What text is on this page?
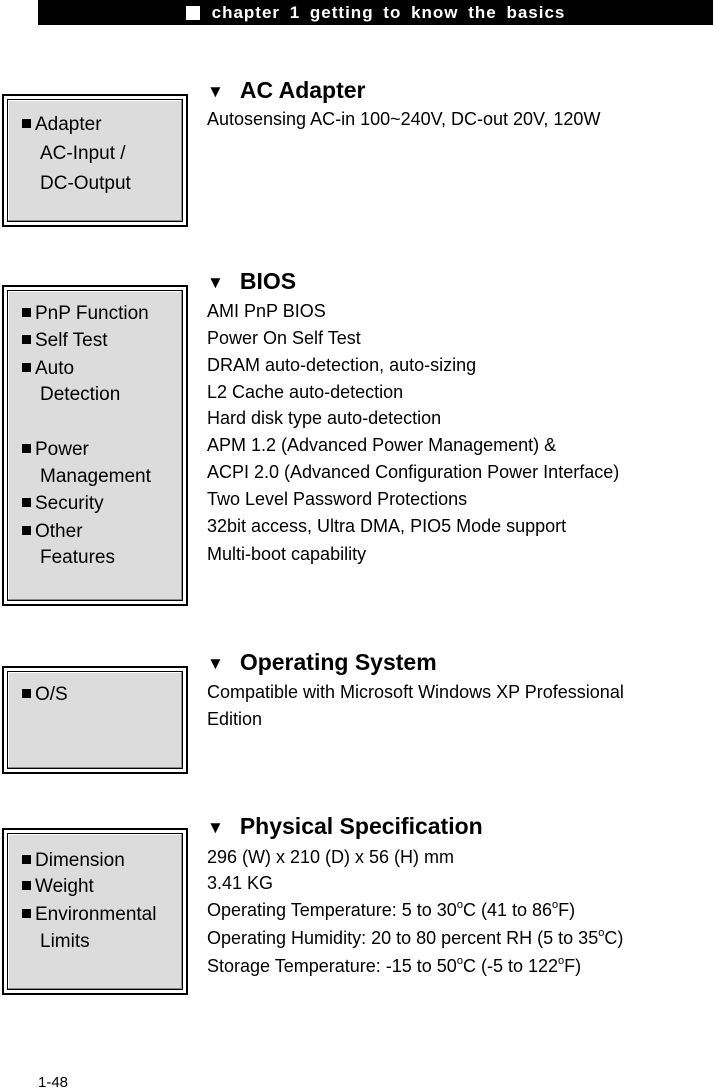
chapter 1 getting to know the basics
▼ AC Adapter
Adapter
AC-Input /
DC-Output
Autosensing AC-in 100~240V, DC-out 20V, 120W
▼ BIOS
PnP Function
Self Test
Auto
Detection
Power
Management
Security
Other
Features
AMI PnP BIOS
Power On Self Test
DRAM auto-detection, auto-sizing
L2 Cache auto-detection
Hard disk type auto-detection
APM 1.2 (Advanced Power Management) &
ACPI 2.0 (Advanced Configuration Power Interface)
Two Level Password Protections
32bit access, Ultra DMA, PIO5 Mode support
Multi-boot capability
▼ Operating System
O/S	Compatible with Microsoft Windows XP Professional
Edition
▼ Physical Specification
Dimension
Weight
Environmental
Limits
296 (W) x 210 (D) x 56 (H) mm
3.41 KG
Operating Temperature: 5 to 30$^o$C (41 to 86$^o$F)
Operating Humidity: 20 to 80 percent RH (5 to 35$^o$C)
Storage Temperature: -15 to 50$^o$C (-5 to 122$^o$F)
1-48
